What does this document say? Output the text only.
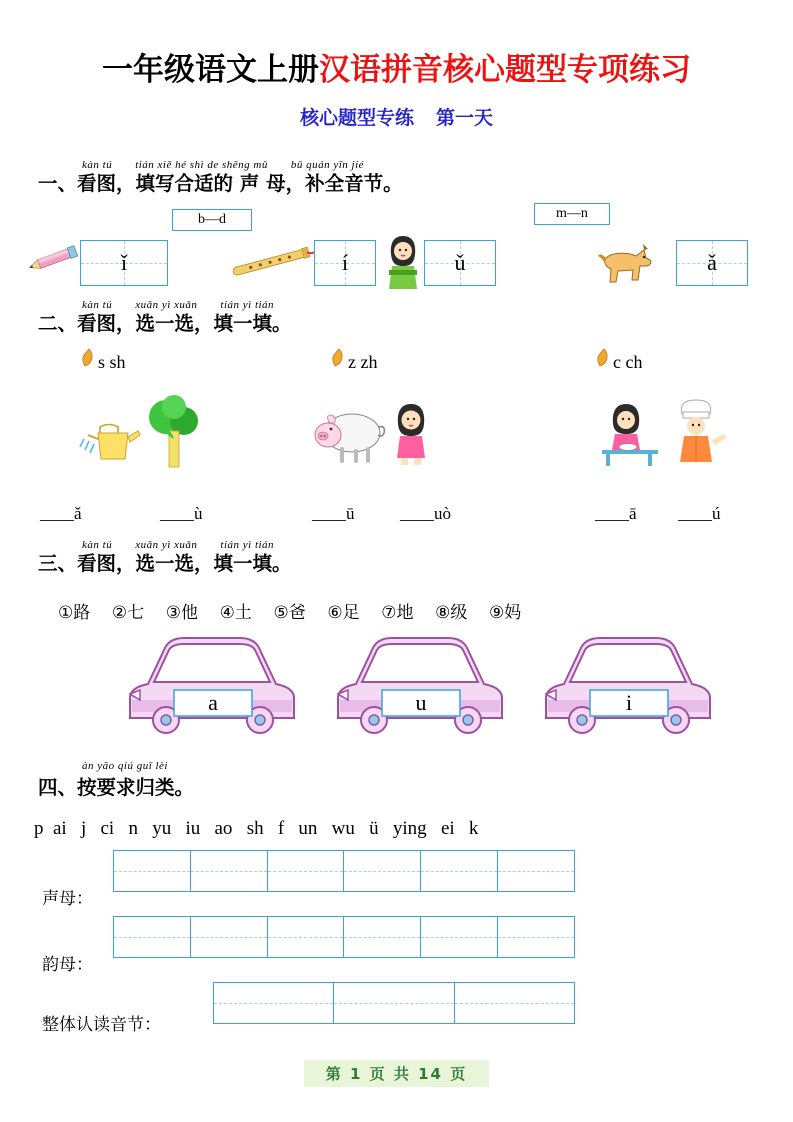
一年级语文上册汉语拼音核心题型专项练习
核心题型专练 第一天
kàn tú　　tián xiě hé shì de shēng mǔ　　bǔ quán yīn jié
一、看图，填写合适的 声 母，补全音节。
b—d	m—n
ǐ	í	ǔ	ǎ
kàn tú　　xuǎn yì xuǎn　　tián yì tián
二、看图，选一选，填一填。
s sh	z zh	c ch
____ǎ	____ù	____ū	____uò	____ā ____ú
kàn tú　　xuǎn yì xuǎn　　tián yì tián
三、看图，选一选，填一填。
①路 ②七 ③他 ④土 ⑤爸 ⑥足 ⑦地 ⑧级 ⑨妈
a	u	i
àn yāo qiú guī lèi
四、按要求归类。
p ai j ci n yu iu ao sh f un wu ü ying ei k
声母：
韵母：
整体认读音节：
第 1 页 共 14 页
